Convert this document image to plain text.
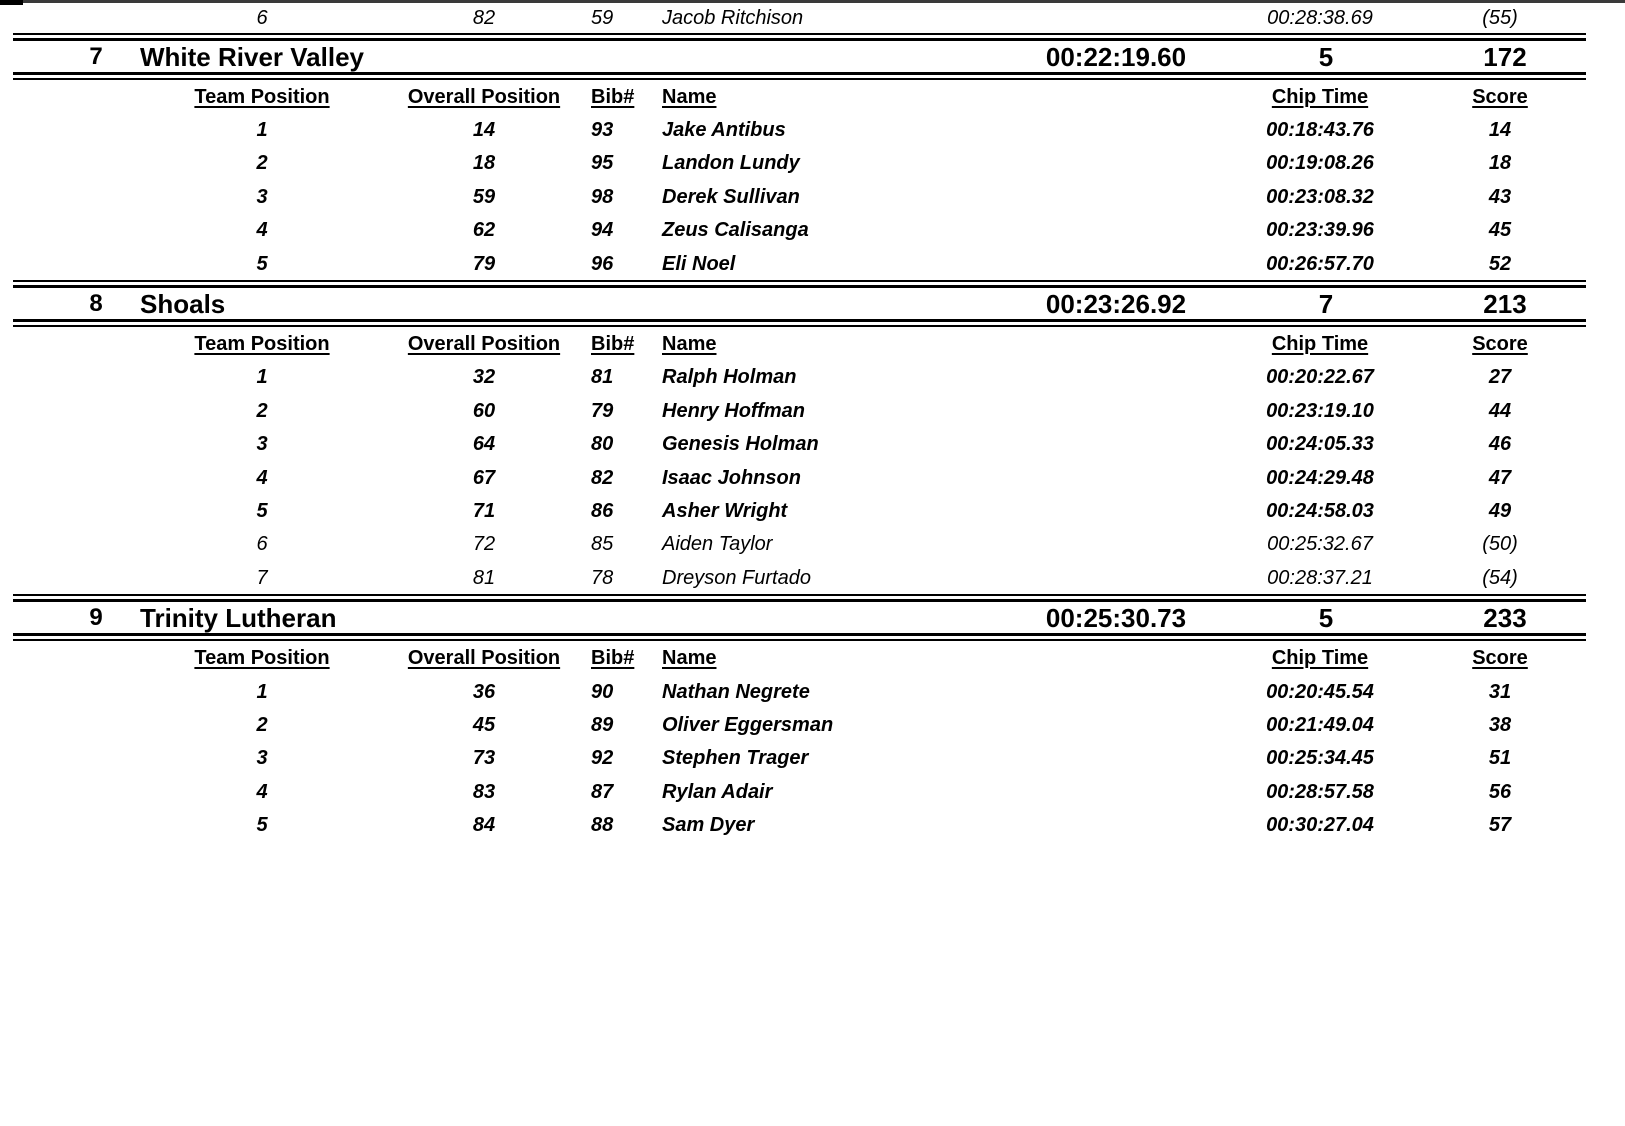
6	82	59	Jacob Ritchison	00:28:38.69	(55)
7	White River Valley	00:22:19.60	5	172
Team Position	Overall Position	Bib#	Name	Chip Time	Score
1	14	93	Jake Antibus	00:18:43.76	14
2	18	95	Landon Lundy	00:19:08.26	18
3	59	98	Derek Sullivan	00:23:08.32	43
4	62	94	Zeus Calisanga	00:23:39.96	45
5	79	96	Eli Noel	00:26:57.70	52
8	Shoals	00:23:26.92	7	213
Team Position	Overall Position	Bib#	Name	Chip Time	Score
1	32	81	Ralph Holman	00:20:22.67	27
2	60	79	Henry Hoffman	00:23:19.10	44
3	64	80	Genesis Holman	00:24:05.33	46
4	67	82	Isaac Johnson	00:24:29.48	47
5	71	86	Asher Wright	00:24:58.03	49
6	72	85	Aiden Taylor	00:25:32.67	(50)
7	81	78	Dreyson Furtado	00:28:37.21	(54)
9	Trinity Lutheran	00:25:30.73	5	233
Team Position	Overall Position	Bib#	Name	Chip Time	Score
1	36	90	Nathan Negrete	00:20:45.54	31
2	45	89	Oliver Eggersman	00:21:49.04	38
3	73	92	Stephen Trager	00:25:34.45	51
4	83	87	Rylan Adair	00:28:57.58	56
5	84	88	Sam Dyer	00:30:27.04	57
